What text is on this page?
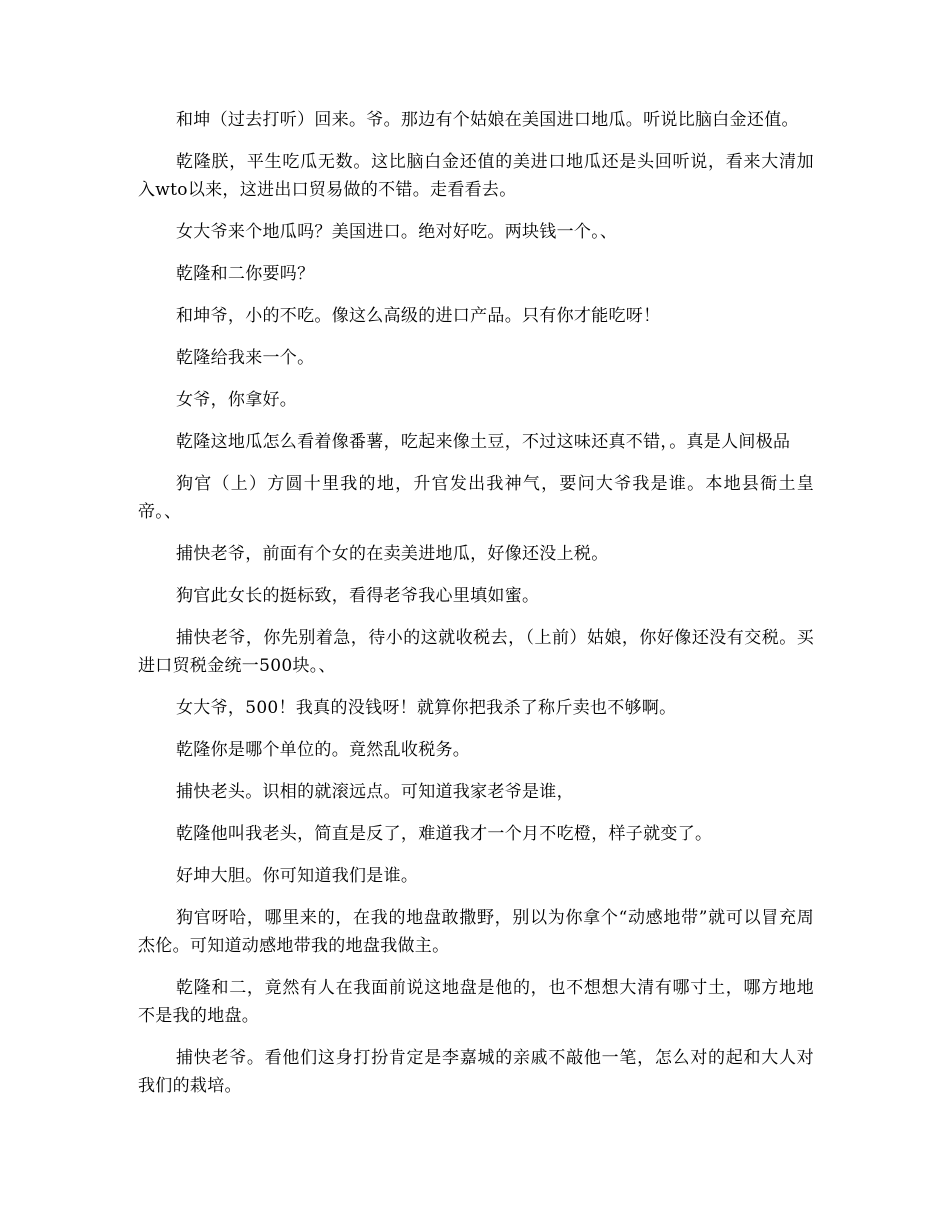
和坤（过去打听）回来。爷。那边有个姑娘在美国进口地瓜。听说比脑白金还值。

乾隆朕，平生吃瓜无数。这比脑白金还值的美进口地瓜还是头回听说，看来大清加入wto以来，这进出口贸易做的不错。走看看去。

女大爷来个地瓜吗？美国进口。绝对好吃。两块钱一个。、

乾隆和二你要吗？

和坤爷，小的不吃。像这么高级的进口产品。只有你才能吃呀！

乾隆给我来一个。

女爷，你拿好。

乾隆这地瓜怎么看着像番薯，吃起来像土豆，不过这味还真不错，。真是人间极品

狗官（上）方圆十里我的地，升官发出我神气，要问大爷我是谁。本地县衙土皇帝。、

捕快老爷，前面有个女的在卖美进地瓜，好像还没上税。

狗官此女长的挺标致，看得老爷我心里填如蜜。

捕快老爷，你先别着急，待小的这就收税去，（上前）姑娘，你好像还没有交税。买进口贸税金统一500块。、

女大爷，500！我真的没钱呀！就算你把我杀了称斤卖也不够啊。

乾隆你是哪个单位的。竟然乱收税务。

捕快老头。识相的就滚远点。可知道我家老爷是谁，

乾隆他叫我老头，简直是反了，难道我才一个月不吃橙，样子就变了。

好坤大胆。你可知道我们是谁。

狗官呀哈，哪里来的，在我的地盘敢撒野，别以为你拿个“动感地带”就可以冒充周杰伦。可知道动感地带我的地盘我做主。

乾隆和二，竟然有人在我面前说这地盘是他的，也不想想大清有哪寸土，哪方地地不是我的地盘。

捕快老爷。看他们这身打扮肯定是李嘉城的亲戚不敲他一笔，怎么对的起和大人对我们的栽培。
